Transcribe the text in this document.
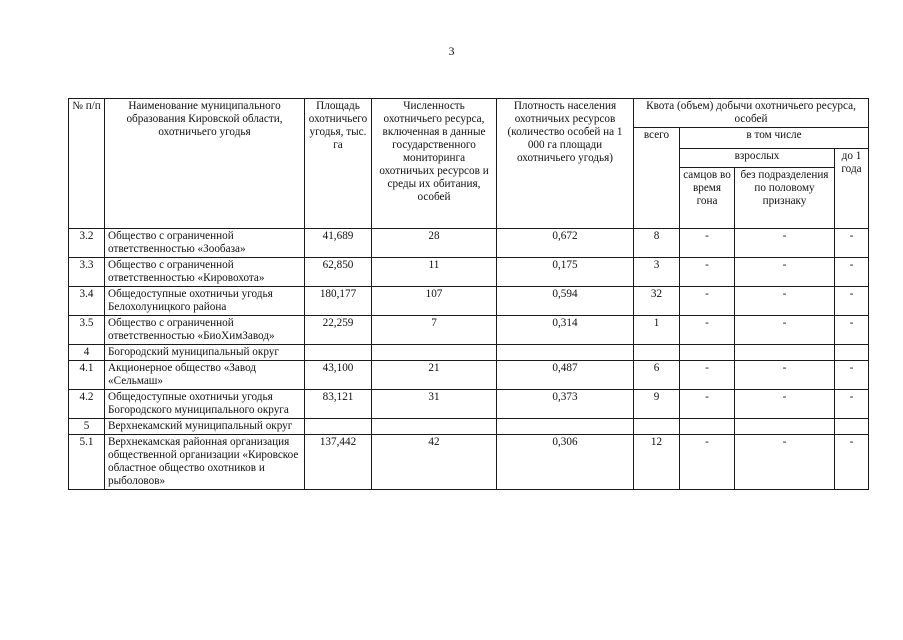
3
№ п/п	Наименование муниципального образования Кировской области, охотничьего угодья	Площадь охотничьего угодья, тыс. га	Численность охотничьего ресурса, включенная в данные государственного мониторинга охотничьих ресурсов и среды их обитания, особей	Плотность населения охотничьих ресурсов (количество особей на 1 000 га площади охотничьего угодья)	Квота (объем) добычи охотничьего ресурса, особей			
					всего	в том числе		
						взрослых		до 1 года
						самцов во время гона	без подразделения по половому признаку	
3.2	Общество с ограниченной ответственностью «Зообаза»	41,689	28	0,672	8	-	-	-
3.3	Общество с ограниченной ответственностью «Кировохота»	62,850	11	0,175	3	-	-	-
3.4	Общедоступные охотничьи угодья Белохолуницкого района	180,177	107	0,594	32	-	-	-
3.5	Общество с ограниченной ответственностью «БиоХимЗавод»	22,259	7	0,314	1	-	-	-
4	Богородский муниципальный округ							
4.1	Акционерное общество «Завод «Сельмаш»	43,100	21	0,487	6	-	-	-
4.2	Общедоступные охотничьи угодья Богородского муниципального округа	83,121	31	0,373	9	-	-	-
5	Верхнекамский муниципальный округ							
5.1	Верхнекамская районная организация общественной организации «Кировское областное общество охотников и рыболовов»	137,442	42	0,306	12	-	-	-
